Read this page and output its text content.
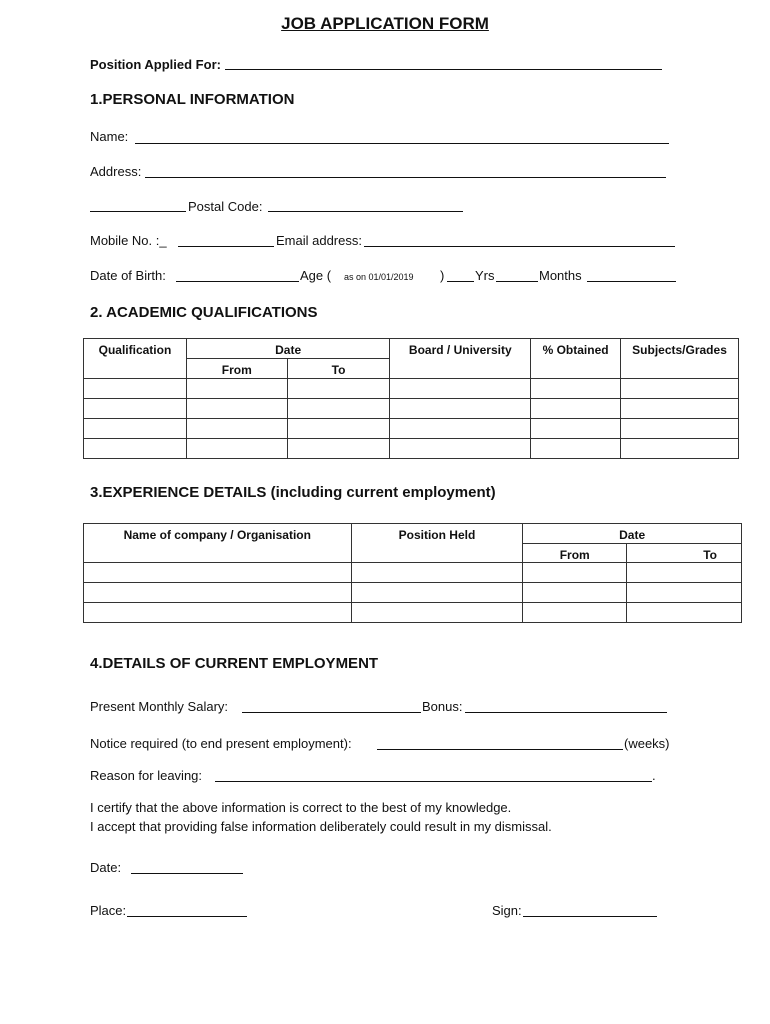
JOB APPLICATION FORM
Position Applied For:
1.PERSONAL INFORMATION
Name:
Address:
Postal Code:
Mobile No. :_	Email address:
Date of Birth:	Age ( as on 01/01/2019 ) Yrs	Months
2. ACADEMIC QUALIFICATIONS
Qualification	Date		Board / University	% Obtained	Subjects/Grades
	From	To			

3.EXPERIENCE DETAILS (including current employment)
Name of company / Organisation	Position Held	Date	
		From	To

4.DETAILS OF CURRENT EMPLOYMENT
Present Monthly Salary:	Bonus:
Notice required (to end present employment):	(weeks)
Reason for leaving:	.
I certify that the above information is correct to the best of my knowledge.
I accept that providing false information deliberately could result in my dismissal.
Date:
Place:	Sign:
